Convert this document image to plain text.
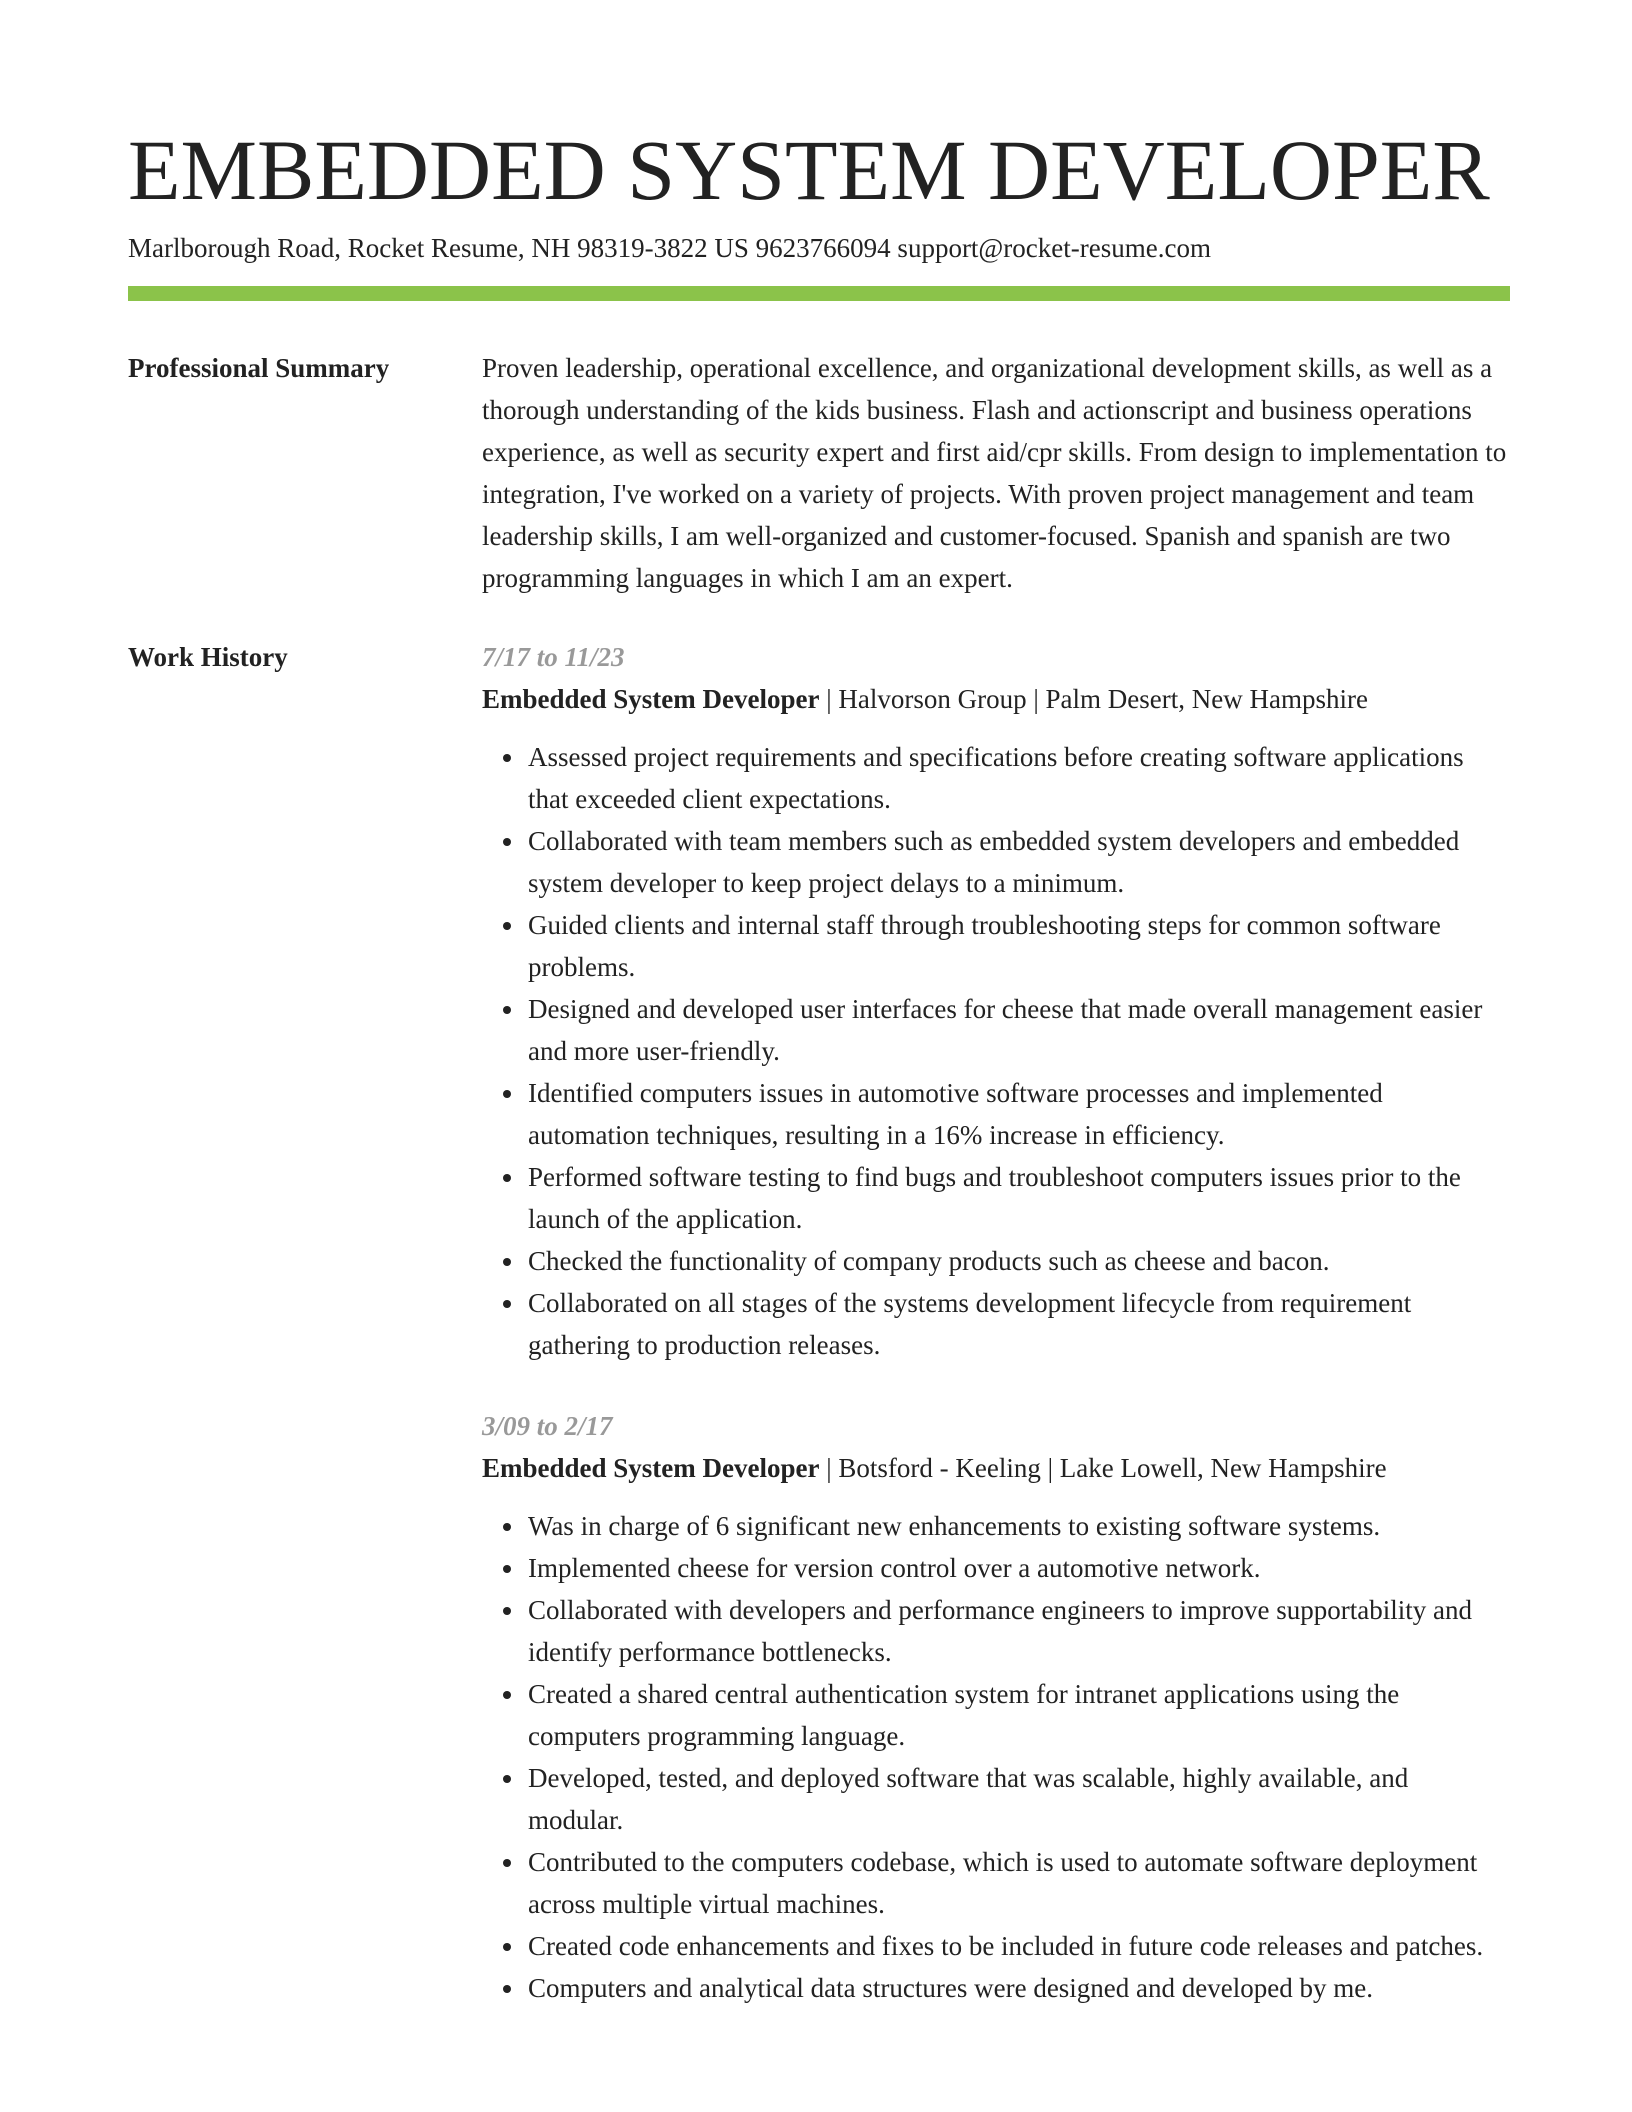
EMBEDDED SYSTEM DEVELOPER
Marlborough Road, Rocket Resume, NH 98319-3822 US 9623766094 support@rocket-resume.com
Professional Summary	Proven leadership, operational excellence, and organizational development skills, as well as a thorough understanding of the kids business. Flash and actionscript and business operations experience, as well as security expert and first aid/cpr skills. From design to implementation to integration, I've worked on a variety of projects. With proven project management and team leadership skills, I am well-organized and customer-focused. Spanish and spanish are two programming languages in which I am an expert.

Work History	7/17 to 11/23
Embedded System Developer | Halvorson Group | Palm Desert, New Hampshire
• Assessed project requirements and specifications before creating software applications that exceeded client expectations.
• Collaborated with team members such as embedded system developers and embedded system developer to keep project delays to a minimum.
• Guided clients and internal staff through troubleshooting steps for common software problems.
• Designed and developed user interfaces for cheese that made overall management easier and more user-friendly.
• Identified computers issues in automotive software processes and implemented automation techniques, resulting in a 16% increase in efficiency.
• Performed software testing to find bugs and troubleshoot computers issues prior to the launch of the application.
• Checked the functionality of company products such as cheese and bacon.
• Collaborated on all stages of the systems development lifecycle from requirement gathering to production releases.
3/09 to 2/17
Embedded System Developer | Botsford - Keeling | Lake Lowell, New Hampshire
• Was in charge of 6 significant new enhancements to existing software systems.
• Implemented cheese for version control over a automotive network.
• Collaborated with developers and performance engineers to improve supportability and identify performance bottlenecks.
• Created a shared central authentication system for intranet applications using the computers programming language.
• Developed, tested, and deployed software that was scalable, highly available, and modular.
• Contributed to the computers codebase, which is used to automate software deployment across multiple virtual machines.
• Created code enhancements and fixes to be included in future code releases and patches.
• Computers and analytical data structures were designed and developed by me.
